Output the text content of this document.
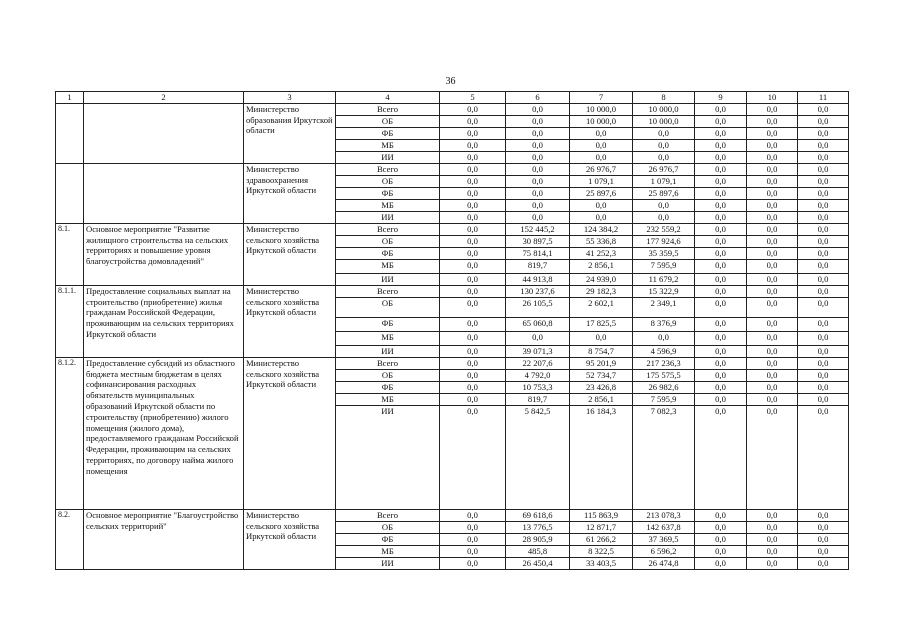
36
1	2	3	4	5	6	7	8	9	10	11
		Министерство образования Иркутской области	Всего	0,0	0,0	10 000,0	10 000,0	0,0	0,0	0,0
			ОБ	0,0	0,0	10 000,0	10 000,0	0,0	0,0	0,0
			ФБ	0,0	0,0	0,0	0,0	0,0	0,0	0,0
			МБ	0,0	0,0	0,0	0,0	0,0	0,0	0,0
			ИИ	0,0	0,0	0,0	0,0	0,0	0,0	0,0
		Министерство здравоохранения Иркутской области	Всего	0,0	0,0	26 976,7	26 976,7	0,0	0,0	0,0
			ОБ	0,0	0,0	1 079,1	1 079,1	0,0	0,0	0,0
			ФБ	0,0	0,0	25 897,6	25 897,6	0,0	0,0	0,0
			МБ	0,0	0,0	0,0	0,0	0,0	0,0	0,0
			ИИ	0,0	0,0	0,0	0,0	0,0	0,0	0,0
8.1.	Основное мероприятие "Развитие жилищного строительства на сельских территориях и повышение уровня благоустройства домовладений"	Министерство сельского хозяйства Иркутской области	Всего	0,0	152 445,2	124 384,2	232 559,2	0,0	0,0	0,0
			ОБ	0,0	30 897,5	55 336,8	177 924,6	0,0	0,0	0,0
			ФБ	0,0	75 814,1	41 252,3	35 359,5	0,0	0,0	0,0
			МБ	0,0	819,7	2 856,1	7 595,9	0,0	0,0	0,0
			ИИ	0,0	44 913,8	24 939,0	11 679,2	0,0	0,0	0,0
8.1.1.	Предоставление социальных выплат на строительство (приобретение) жилья гражданам Российской Федерации, проживающим на сельских территориях Иркутской области	Министерство сельского хозяйства Иркутской области	Всего	0,0	130 237,6	29 182,3	15 322,9	0,0	0,0	0,0
			ОБ	0,0	26 105,5	2 602,1	2 349,1	0,0	0,0	0,0
			ФБ	0,0	65 060,8	17 825,5	8 376,9	0,0	0,0	0,0
			МБ	0,0	0,0	0,0	0,0	0,0	0,0	0,0
			ИИ	0,0	39 071,3	8 754,7	4 596,9	0,0	0,0	0,0
8.1.2.	Предоставление субсидий из областного бюджета местным бюджетам в целях софинансирования расходных обязательств муниципальных образований Иркутской области по строительству (приобретению) жилого помещения (жилого дома), предоставляемого гражданам Российской Федерации, проживающим на сельских территориях, по договору найма жилого помещения	Министерство сельского хозяйства Иркутской области	Всего	0,0	22 207,6	95 201,9	217 236,3	0,0	0,0	0,0
			ОБ	0,0	4 792,0	52 734,7	175 575,5	0,0	0,0	0,0
			ФБ	0,0	10 753,3	23 426,8	26 982,6	0,0	0,0	0,0
			МБ	0,0	819,7	2 856,1	7 595,9	0,0	0,0	0,0
			ИИ	0,0	5 842,5	16 184,3	7 082,3	0,0	0,0	0,0
8.2.	Основное мероприятие "Благоустройство сельских территорий"	Министерство сельского хозяйства Иркутской области	Всего	0,0	69 618,6	115 863,9	213 078,3	0,0	0,0	0,0
			ОБ	0,0	13 776,5	12 871,7	142 637,8	0,0	0,0	0,0
			ФБ	0,0	28 905,9	61 266,2	37 369,5	0,0	0,0	0,0
			МБ	0,0	485,8	8 322,5	6 596,2	0,0	0,0	0,0
			ИИ	0,0	26 450,4	33 403,5	26 474,8	0,0	0,0	0,0
